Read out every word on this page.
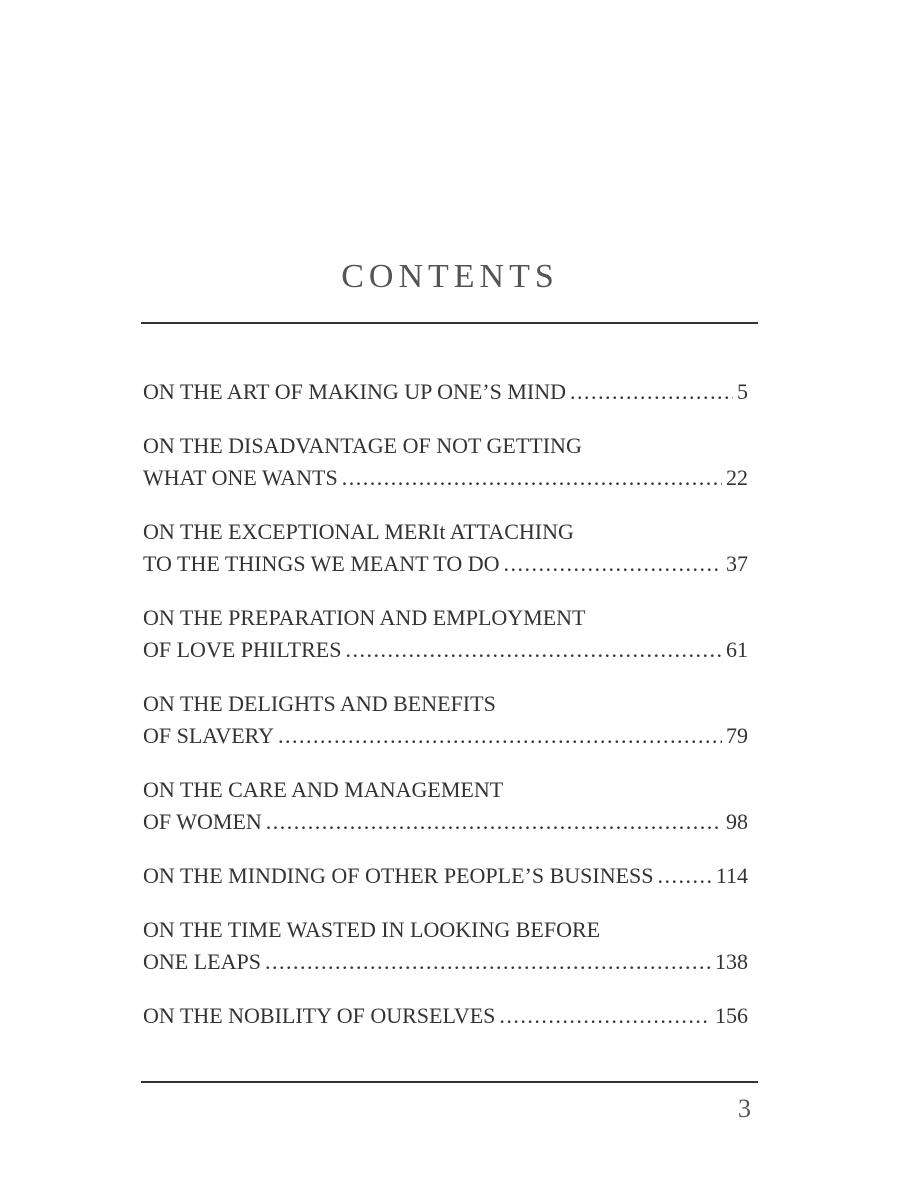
CONTENTS
ON THE ART OF MAKING UP ONE’S MIND . . .	5
ON THE DISADVANTAGE OF NOT GETTING
WHAT ONE WANTS . . .	22
ON THE EXCEPTIONAL MERIt ATTACHING
TO THE THINGS WE MEANT TO DO . . .	37
ON THE PREPARATION AND EMPLOYMENT
OF LOVE PHILTRES . . .	61
ON THE DELIGHTS AND BENEFITS
OF SLAVERY . . .	79
ON THE CARE AND MANAGEMENT
OF WOMEN . . .	98
ON THE MINDING OF OTHER PEOPLE’S BUSINESS . . .	114
ON THE TIME WASTED IN LOOKING BEFORE
ONE LEAPS . . .	138
ON THE NOBILITY OF OURSELVES . . .	156

3
